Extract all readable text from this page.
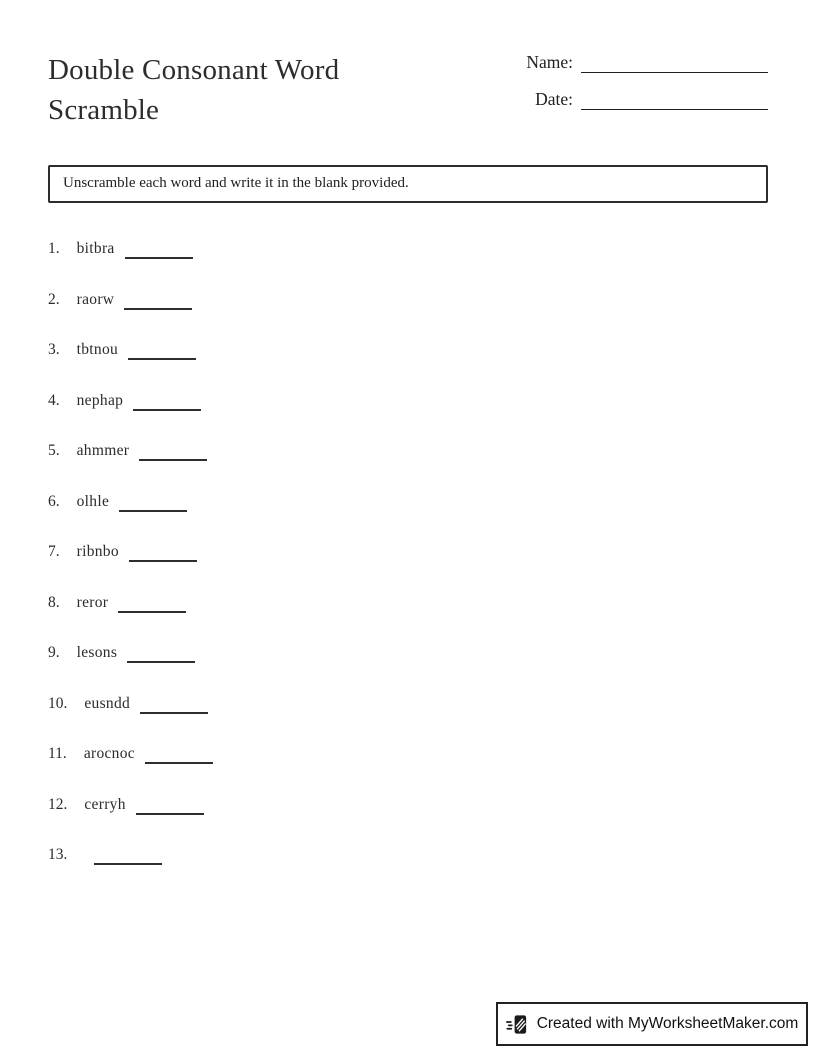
Double Consonant Word Scramble
Name:
Date:
Unscramble each word and write it in the blank provided.
1. bitbra
2. raorw
3. tbtnou
4. nephap
5. ahmmer
6. olhle
7. ribnbo
8. reror
9. lesons
10. eusndd
11. arocnoc
12. cerryh
13.
Created with MyWorksheetMaker.com
